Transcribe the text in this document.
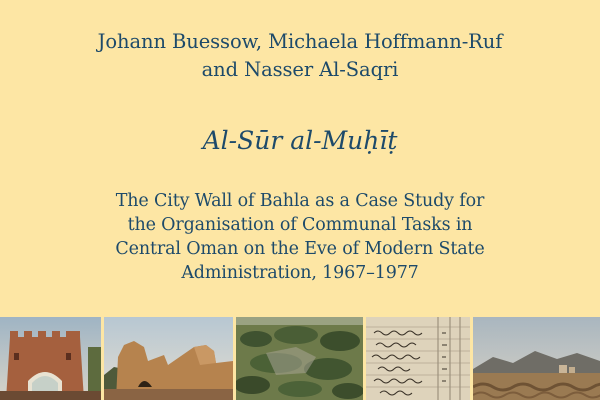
Johann Buessow, Michaela Hoffmann-Ruf
and Nasser Al-Saqri
Al-Sūr al-Muḥīṭ
The City Wall of Bahla as a Case Study for
the Organisation of Communal Tasks in
Central Oman on the Eve of Modern State
Administration, 1967–1977
